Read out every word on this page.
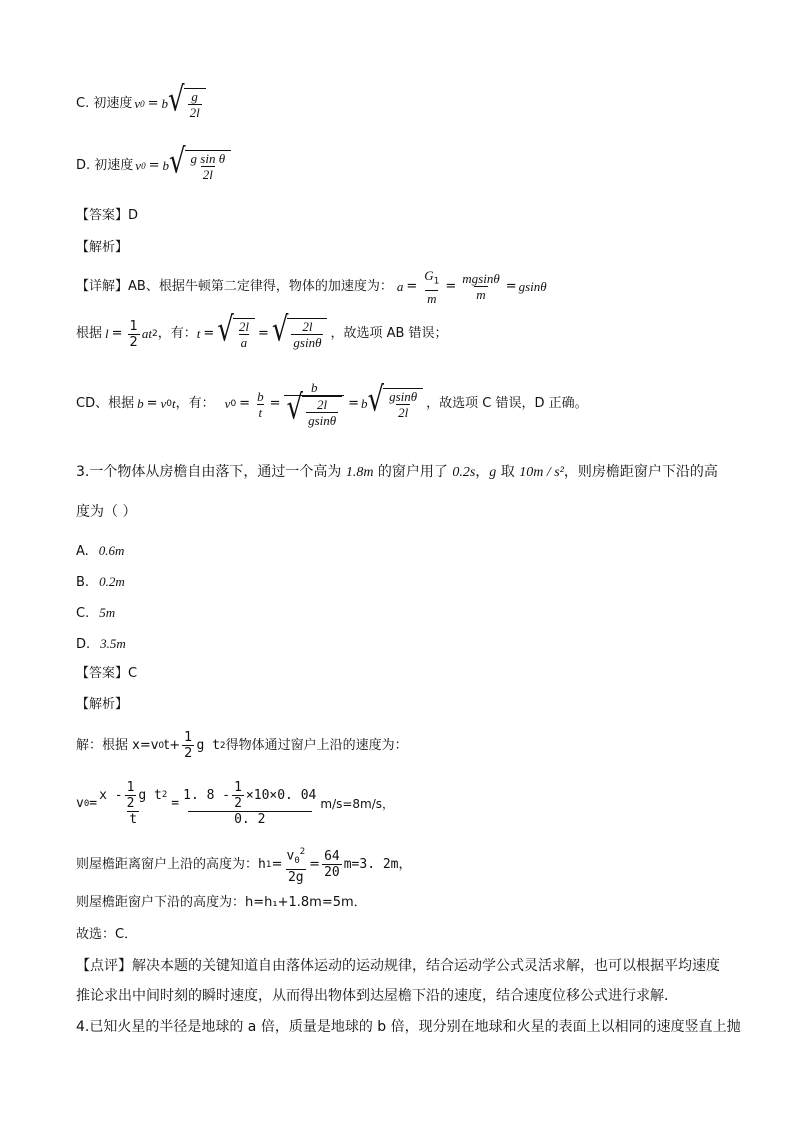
C. 初速度 v 0 = b √ $\frac{g}{2l}$
D. 初速度 v 0 = b √ $\frac{\text{g sin θ}}{2l}$
【答案】D
【解析】
【详解】 AB、根据牛顿第二定律得，物体的加速度为： $a = \frac{G_1}{m} = \frac{mgsin\theta}{m} = gsin\theta$
根据 $l = \frac{1}{2}$ at 2 ，有： t = √ $\frac{2l}{a}$ = √ $\frac{2l}{gsin\theta}$ ，故选项 AB 错误；
CD、根据 b = v 0 t ，有： v $0 = \frac{b}{t} = \frac{b}{√ \frac{2l}{gsin\theta}} = b$ √ $\frac{gsin\theta}{2l}$ ，故选项 C 错误，D 正确。
3.一个物体从房檐自由落下，通过一个高为 1.8m 的窗户用了 0.2s，g 取 10m / s²，则房檐距窗户下沿的高
度为（ ）
A. 0.6m
B. 0.2m
C. 5m
D. 3.5m
【答案】C
【解析】
解：根据 x=v 0 $t+ \frac{1}{2}$ g t 2 得物体通过窗户上沿的速度为：
v $0 = \frac{x - \frac{1}{2} g t 2}{t} = \frac{1. 8 - \frac{1}{2} \times 10\times 0. 04}{0. 2} m/s=8m/s$，
则屋檐距离窗户上沿的高度为： h $1 = \frac{v_0^2}{2g} = \frac{64}{20} m=3$. 2m，
则屋檐距窗户下沿的高度为：h=h₁+1.8m=5m．
故选：C．
【点评】解决本题的关键知道自由落体运动的运动规律，结合运动学公式灵活求解，也可以根据平均速度
推论求出中间时刻的瞬时速度，从而得出物体到达屋檐下沿的速度，结合速度位移公式进行求解．
4.已知火星的半径是地球的 a 倍，质量是地球的 b 倍，现分别在地球和火星的表面上以相同的速度竖直上抛
